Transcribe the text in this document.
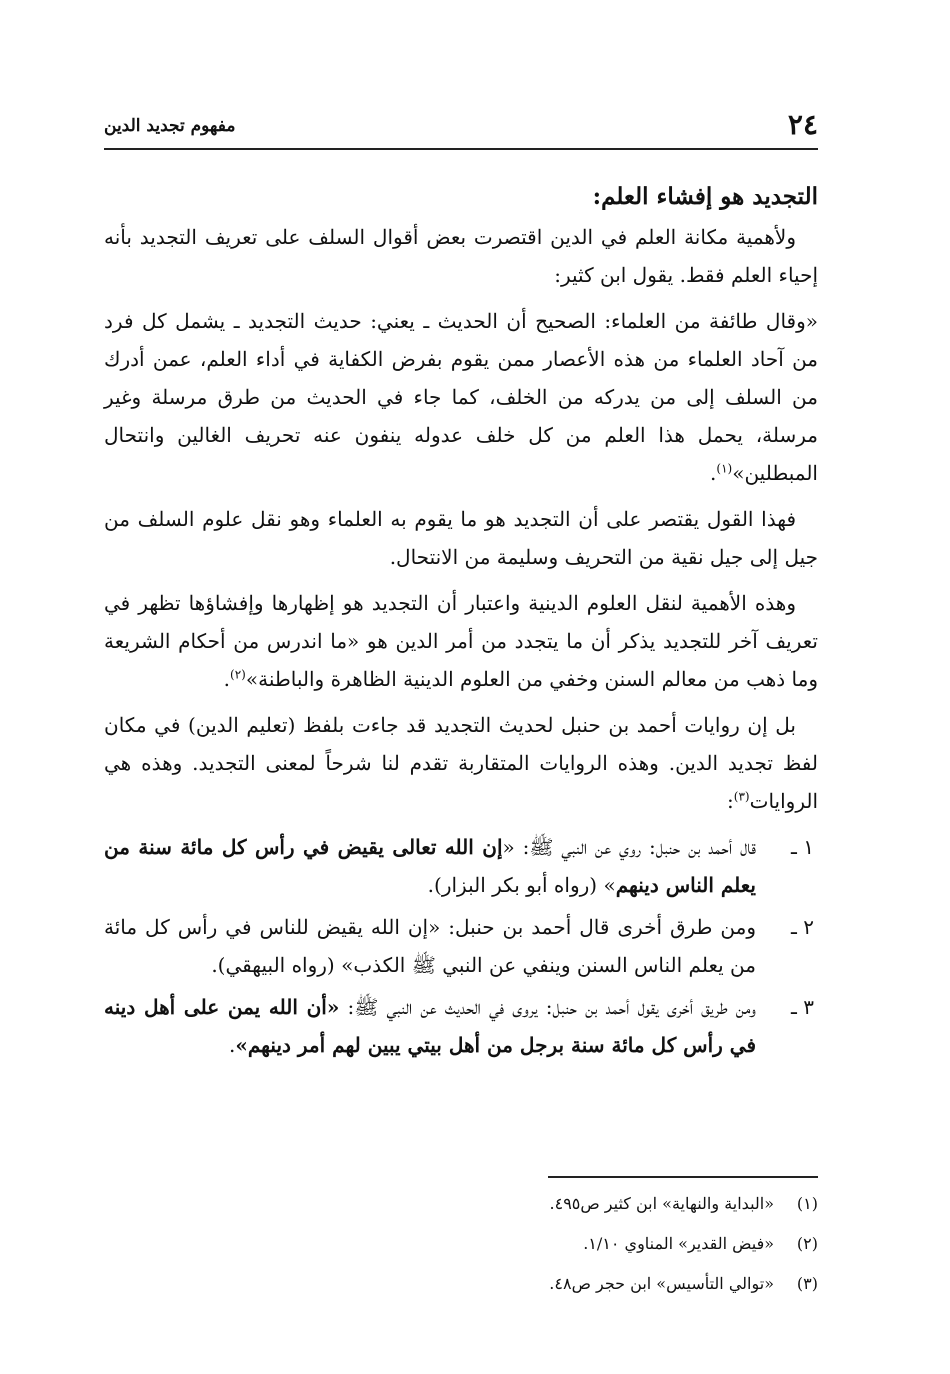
٢٤
مفهوم تجديد الدين
التجديد هو إفشاء العلم:

ولأهمية مكانة العلم في الدين اقتصرت بعض أقوال السلف على تعريف التجديد بأنه إحياء العلم فقط. يقول ابن كثير:

«وقال طائفة من العلماء: الصحيح أن الحديث ـ يعني: حديث التجديد ـ يشمل كل فرد من آحاد العلماء من هذه الأعصار ممن يقوم بفرض الكفاية في أداء العلم، عمن أدرك من السلف إلى من يدركه من الخلف، كما جاء في الحديث من طرق مرسلة وغير مرسلة، يحمل هذا العلم من كل خلف عدوله ينفون عنه تحريف الغالين وانتحال المبطلين»$^{(١)}$.

فهذا القول يقتصر على أن التجديد هو ما يقوم به العلماء وهو نقل علوم السلف من جيل إلى جيل نقية من التحريف وسليمة من الانتحال.

وهذه الأهمية لنقل العلوم الدينية واعتبار أن التجديد هو إظهارها وإفشاؤها تظهر في تعريف آخر للتجديد يذكر أن ما يتجدد من أمر الدين هو «ما اندرس من أحكام الشريعة وما ذهب من معالم السنن وخفي من العلوم الدينية الظاهرة والباطنة»$^{(٢)}$.

بل إن روايات أحمد بن حنبل لحديث التجديد قد جاءت بلفظ (تعليم الدين) في مكان لفظ تجديد الدين. وهذه الروايات المتقاربة تقدم لنا شرحاً لمعنى التجديد. وهذه هي الروايات$^{(٣)}$:

١ ـ
قال أحمد بن حنبل: روي عن النبي ﷺ: «إن الله تعالى يقيض في رأس كل مائة سنة من يعلم الناس دينهم» (رواه أبو بكر البزار).
٢ ـ
ومن طرق أخرى قال أحمد بن حنبل: «إن الله يقيض للناس في رأس كل مائة من يعلم الناس السنن وينفي عن النبي ﷺ الكذب» (رواه البيهقي).
٣ ـ
ومن طريق أخرى يقول أحمد بن حنبل: يروى في الحديث عن النبي ﷺ: «أن الله يمن على أهل دينه في رأس كل مائة سنة برجل من أهل بيتي يبين لهم أمر دينهم».
(١)
«البداية والنهاية» ابن كثير ص٤٩٥.
(٢)
«فيض القدير» المناوي ١/١٠.
(٣)
«توالي التأسيس» ابن حجر ص٤٨.
